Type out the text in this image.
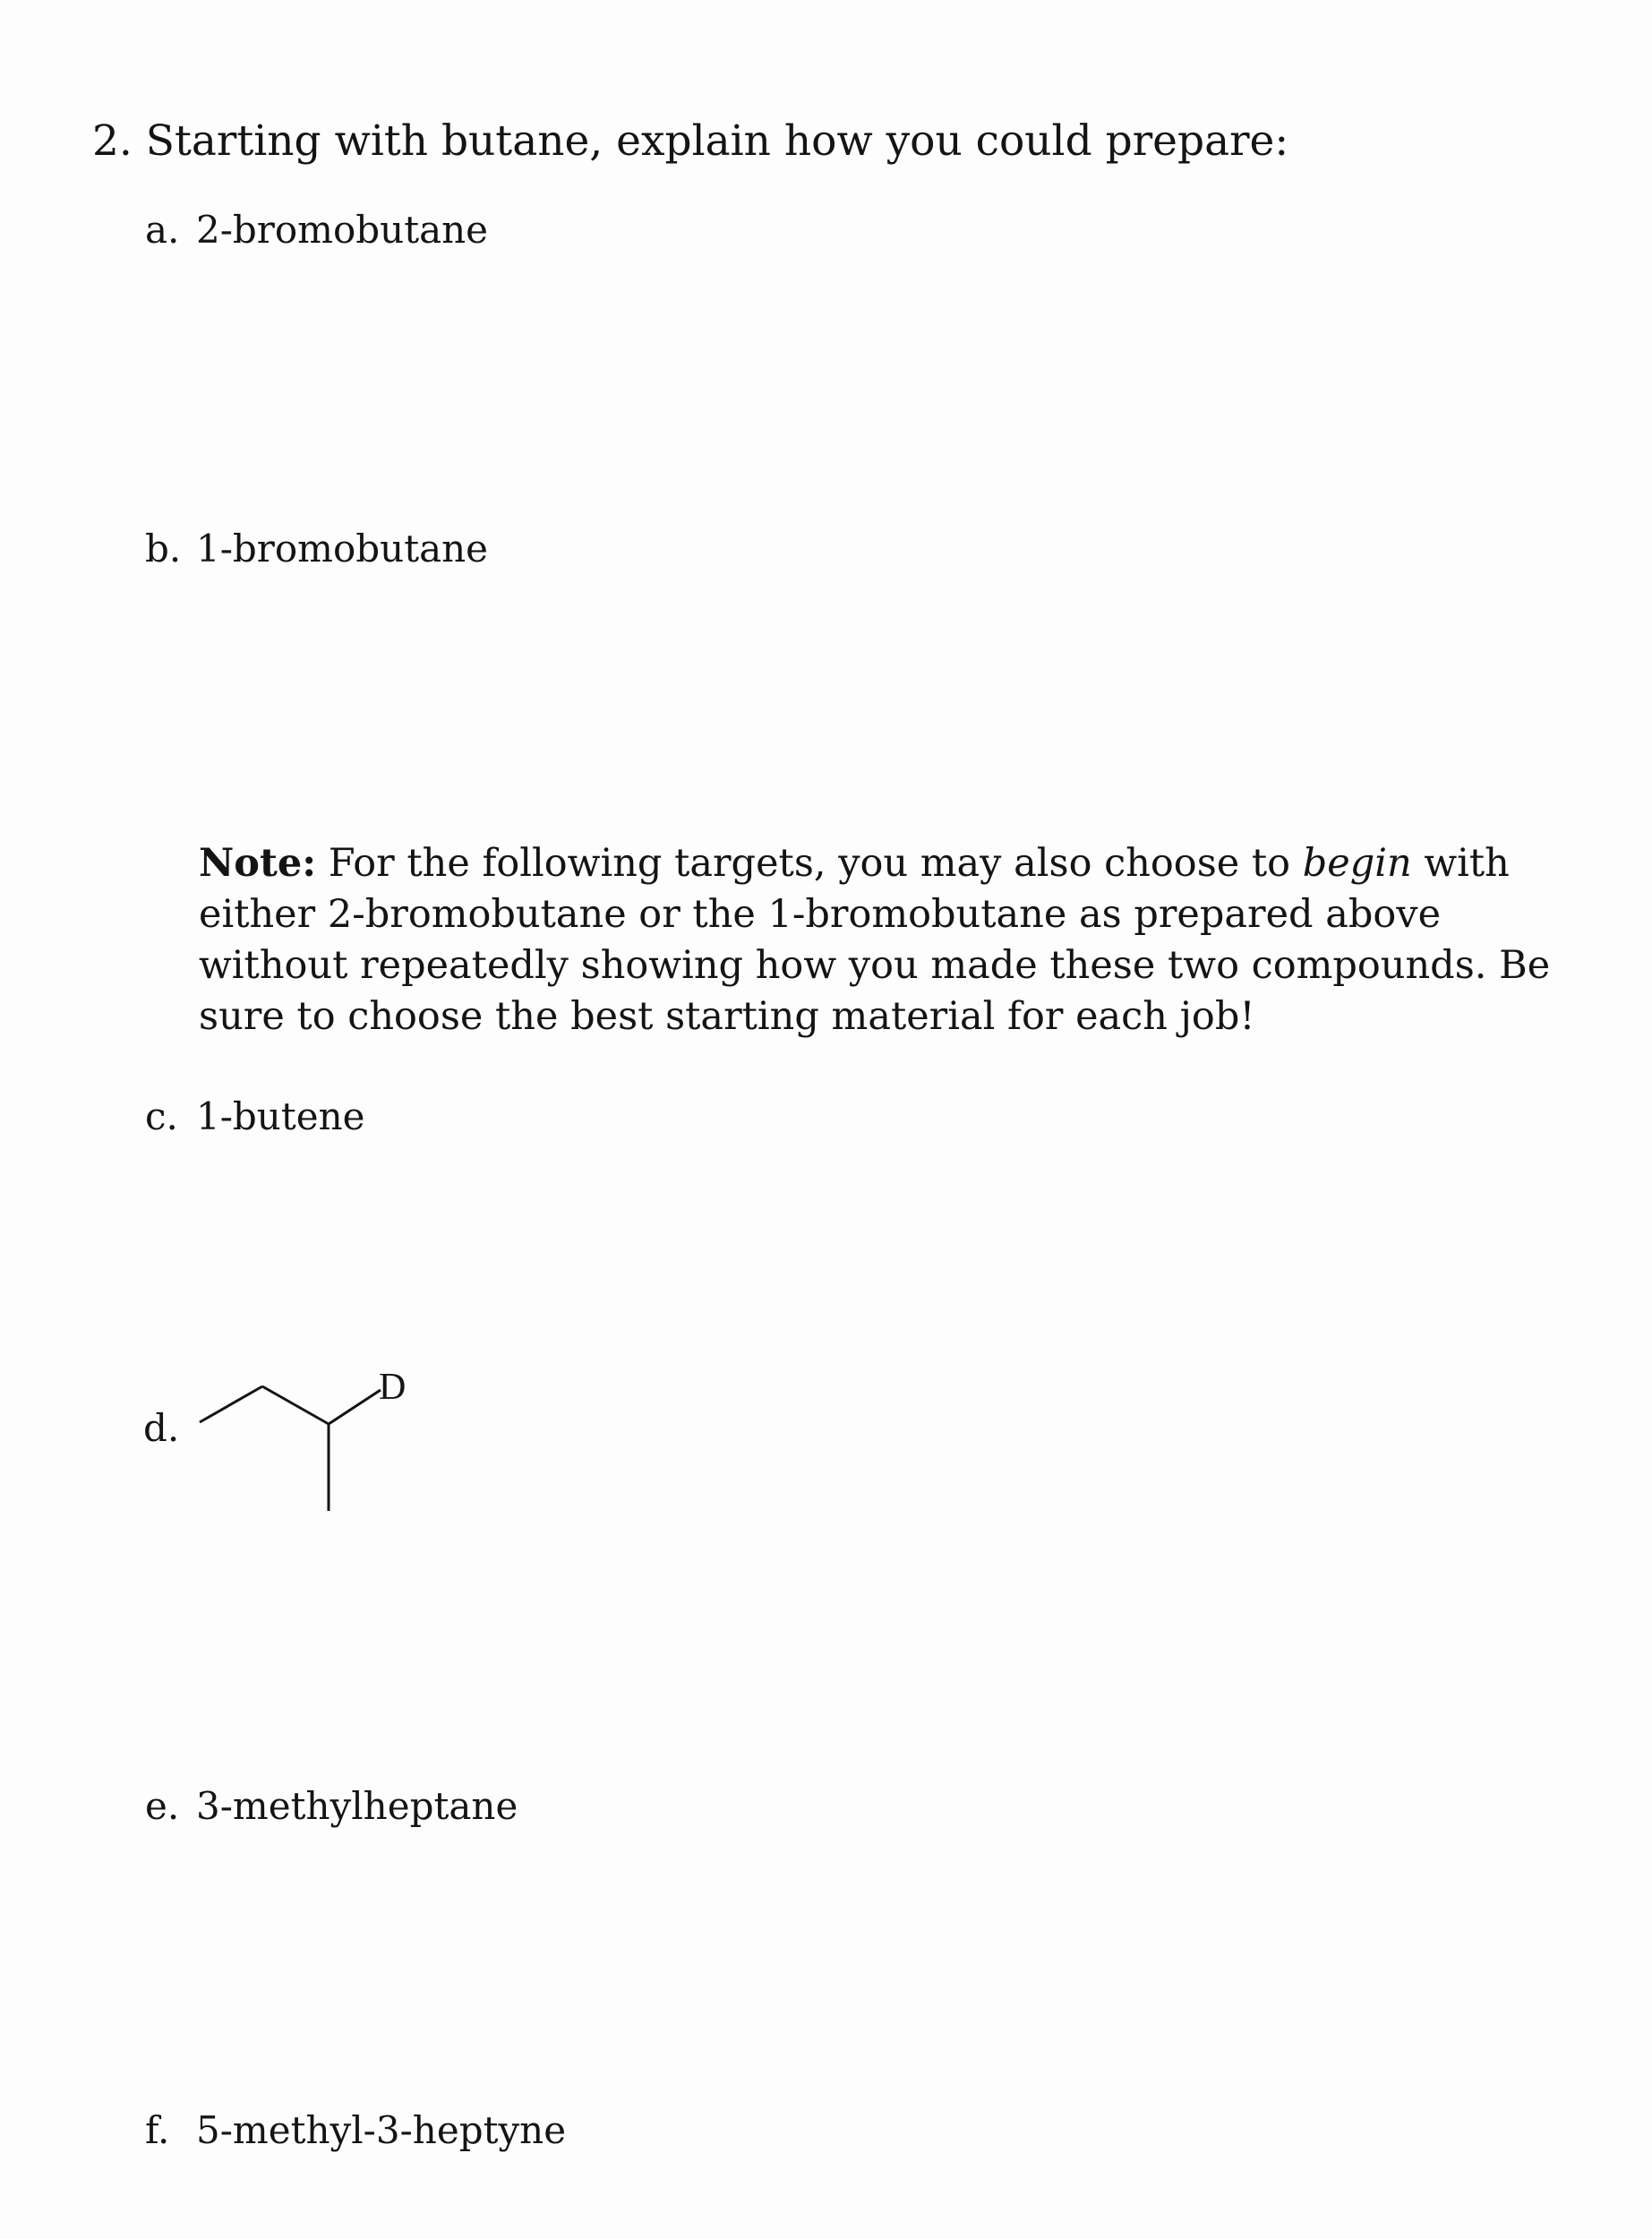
2. Starting with butane, explain how you could prepare:
a. 2-bromobutane
b. 1-bromobutane
Note: For the following targets, you may also choose to begin with either 2-bromobutane or the 1-bromobutane as prepared above without repeatedly showing how you made these two compounds. Be sure to choose the best starting material for each job!
c. 1-butene
d.
D
e. 3-methylheptane
f. 5-methyl-3-heptyne
